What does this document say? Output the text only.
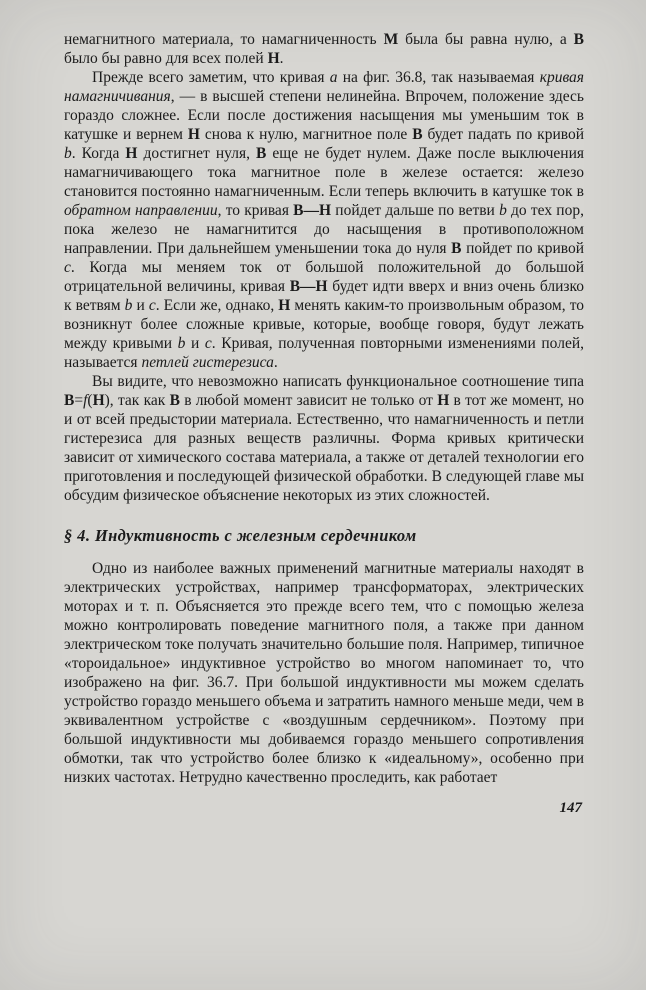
немагнитного материала, то намагниченность М была бы равна нулю, а В было бы равно для всех полей Н.

Прежде всего заметим, что кривая а на фиг. 36.8, так называемая кривая намагничивания, — в высшей степени нелинейна. Впрочем, положение здесь гораздо сложнее. Если после достижения насыщения мы уменьшим ток в катушке и вернем Н снова к нулю, магнитное поле В будет падать по кривой b. Когда Н достигнет нуля, В еще не будет нулем. Даже после выключения намагничивающего тока магнитное поле в железе остается: железо становится постоянно намагниченным. Если теперь включить в катушке ток в обратном направлении, то кривая В—Н пойдет дальше по ветви b до тех пор, пока железо не намагнитится до насыщения в противоположном направлении. При дальнейшем уменьшении тока до нуля В пойдет по кривой с. Когда мы меняем ток от большой положительной до большой отрицательной величины, кривая В—Н будет идти вверх и вниз очень близко к ветвям b и с. Если же, однако, Н менять каким-то произвольным образом, то возникнут более сложные кривые, которые, вообще говоря, будут лежать между кривыми b и с. Кривая, полученная повторными изменениями полей, называется петлей гистерезиса.

Вы видите, что невозможно написать функциональное соотношение типа В=f(Н), так как В в любой момент зависит не только от Н в тот же момент, но и от всей предыстории материала. Естественно, что намагниченность и петли гистерезиса для разных веществ различны. Форма кривых критически зависит от химического состава материала, а также от деталей технологии его приготовления и последующей физической обработки. В следующей главе мы обсудим физическое объяснение некоторых из этих сложностей.

§ 4. Индуктивность с железным сердечником

Одно из наиболее важных применений магнитные материалы находят в электрических устройствах, например трансформаторах, электрических моторах и т. п. Объясняется это прежде всего тем, что с помощью железа можно контролировать поведение магнитного поля, а также при данном электрическом токе получать значительно большие поля. Например, типичное «тороидальное» индуктивное устройство во многом напоминает то, что изображено на фиг. 36.7. При большой индуктивности мы можем сделать устройство гораздо меньшего объема и затратить намного меньше меди, чем в эквивалентном устройстве с «воздушным сердечником». Поэтому при большой индуктивности мы добиваемся гораздо меньшего сопротивления обмотки, так что устройство более близко к «идеальному», особенно при низких частотах. Нетрудно качественно проследить, как работает

147
